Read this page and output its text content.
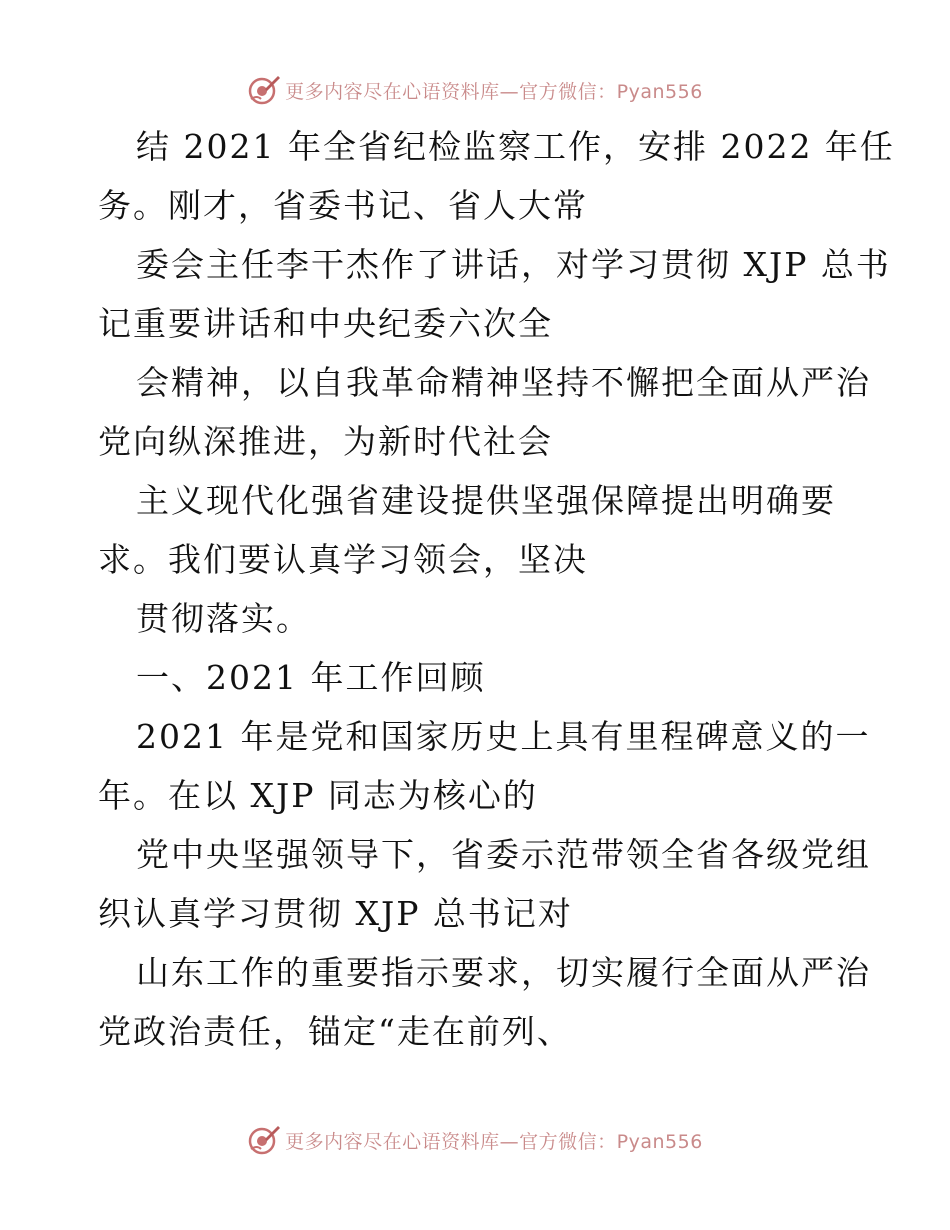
更多内容尽在心语资料库—官方微信：Pyan556
结 2021 年全省纪检监察工作，安排 2022 年任
务。刚才，省委书记、省人大常
委会主任李干杰作了讲话，对学习贯彻 XJP 总书
记重要讲话和中央纪委六次全
会精神，以自我革命精神坚持不懈把全面从严治
党向纵深推进，为新时代社会
主义现代化强省建设提供坚强保障提出明确要
求。我们要认真学习领会，坚决
贯彻落实。
一、2021 年工作回顾
2021 年是党和国家历史上具有里程碑意义的一
年。在以 XJP 同志为核心的
党中央坚强领导下，省委示范带领全省各级党组
织认真学习贯彻 XJP 总书记对
山东工作的重要指示要求，切实履行全面从严治
党政治责任，锚定“走在前列、
更多内容尽在心语资料库—官方微信：Pyan556
